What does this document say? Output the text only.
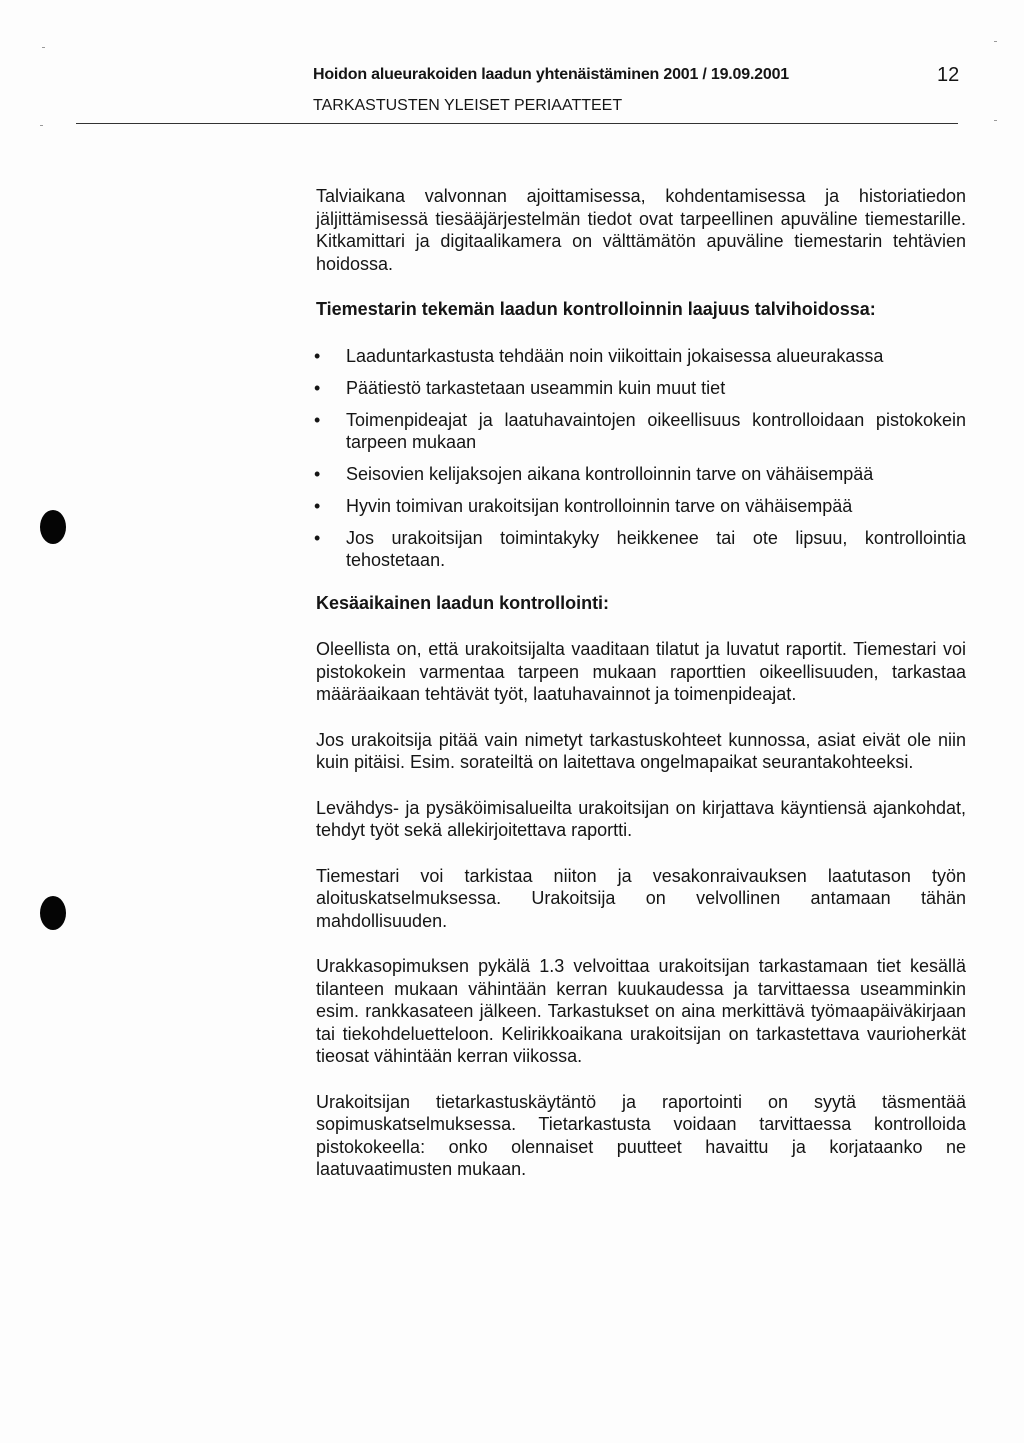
Hoidon alueurakoiden laadun yhtenäistäminen 2001 / 19.09.2001	12
TARKASTUSTEN YLEISET PERIAATTEET

Talviaikana valvonnan ajoittamisessa, kohdentamisessa ja historiatiedon jäljittämisessä tiesääjärjestelmän tiedot ovat tarpeellinen apuväline tiemestarille. Kitkamittari ja digitaalikamera on välttämätön apuväline tiemestarin tehtävien hoidossa.

Tiemestarin tekemän laadun kontrolloinnin laajuus talvihoidossa:
• Laaduntarkastusta tehdään noin viikoittain jokaisessa alueurakassa
• Päätiestö tarkastetaan useammin kuin muut tiet
• Toimenpideajat ja laatuhavaintojen oikeellisuus kontrolloidaan pistokokein tarpeen mukaan
• Seisovien kelijaksojen aikana kontrolloinnin tarve on vähäisempää
• Hyvin toimivan urakoitsijan kontrolloinnin tarve on vähäisempää
• Jos urakoitsijan toimintakyky heikkenee tai ote lipsuu, kontrollointia tehostetaan.
Kesäaikainen laadun kontrollointi:

Oleellista on, että urakoitsijalta vaaditaan tilatut ja luvatut raportit. Tiemestari voi pistokokein varmentaa tarpeen mukaan raporttien oikeellisuuden, tarkastaa määräaikaan tehtävät työt, laatuhavainnot ja toimenpideajat.

Jos urakoitsija pitää vain nimetyt tarkastuskohteet kunnossa, asiat eivät ole niin kuin pitäisi. Esim. sorateiltä on laitettava ongelmapaikat seurantakohteeksi.

Levähdys- ja pysäköimisalueilta urakoitsijan on kirjattava käyntiensä ajankohdat, tehdyt työt sekä allekirjoitettava raportti.

Tiemestari voi tarkistaa niiton ja vesakonraivauksen laatutason työn aloituskatselmuksessa. Urakoitsija on velvollinen antamaan tähän mahdollisuuden.

Urakkasopimuksen pykälä 1.3 velvoittaa urakoitsijan tarkastamaan tiet kesällä tilanteen mukaan vähintään kerran kuukaudessa ja tarvittaessa useamminkin esim. rankkasateen jälkeen. Tarkastukset on aina merkittävä työmaapäiväkirjaan tai tiekohdeluetteloon. Kelirikkoaikana urakoitsijan on tarkastettava vaurioherkät tieosat vähintään kerran viikossa.

Urakoitsijan tietarkastuskäytäntö ja raportointi on syytä täsmentää sopimuskatselmuksessa. Tietarkastusta voidaan tarvittaessa kontrolloida pistokokeella: onko olennaiset puutteet havaittu ja korjataanko ne laatuvaatimusten mukaan.
